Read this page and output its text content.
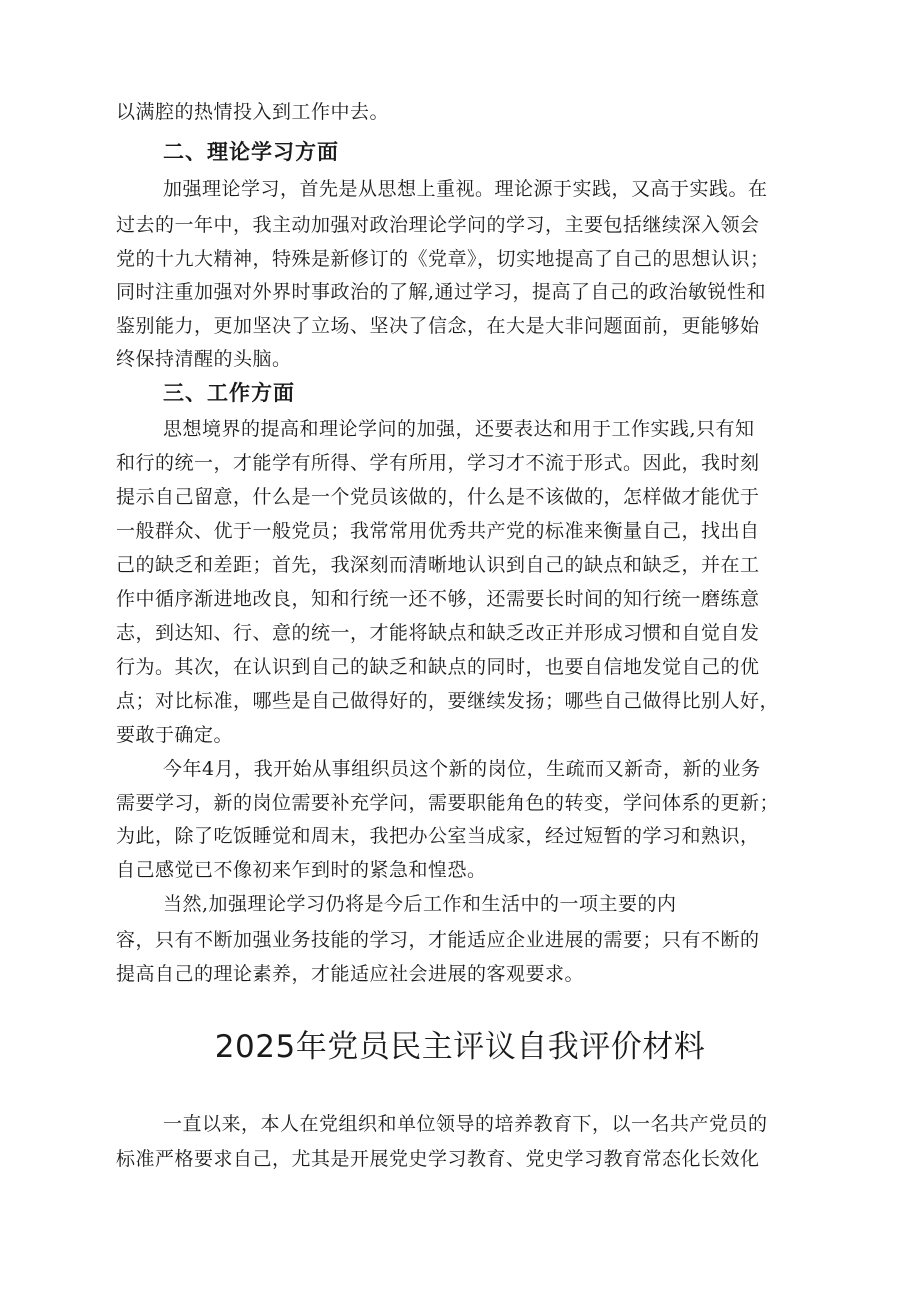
以满腔的热情投入到工作中去。
二、理论学习方面
加强理论学习，首先是从思想上重视。理论源于实践，又高于实践。在
过去的一年中，我主动加强对政治理论学问的学习，主要包括继续深入领会
党的十九大精神，特殊是新修订的《党章》，切实地提高了自己的思想认识；
同时注重加强对外界时事政治的了解,通过学习，提高了自己的政治敏锐性和
鉴别能力，更加坚决了立场、坚决了信念，在大是大非问题面前，更能够始
终保持清醒的头脑。
三、工作方面
思想境界的提高和理论学问的加强，还要表达和用于工作实践,只有知
和行的统一，才能学有所得、学有所用，学习才不流于形式。因此，我时刻
提示自己留意，什么是一个党员该做的，什么是不该做的，怎样做才能优于
一般群众、优于一般党员；我常常用优秀共产党的标准来衡量自己，找出自
己的缺乏和差距；首先，我深刻而清晰地认识到自己的缺点和缺乏，并在工
作中循序渐进地改良，知和行统一还不够，还需要长时间的知行统一磨练意
志，到达知、行、意的统一，才能将缺点和缺乏改正并形成习惯和自觉自发
行为。其次，在认识到自己的缺乏和缺点的同时，也要自信地发觉自己的优
点；对比标准，哪些是自己做得好的，要继续发扬；哪些自己做得比别人好，
要敢于确定。
今年4月，我开始从事组织员这个新的岗位，生疏而又新奇，新的业务
需要学习，新的岗位需要补充学问，需要职能角色的转变，学问体系的更新；
为此，除了吃饭睡觉和周末，我把办公室当成家，经过短暂的学习和熟识，
自己感觉已不像初来乍到时的紧急和惶恐。
当然,加强理论学习仍将是今后工作和生活中的一项主要的内
容，只有不断加强业务技能的学习，才能适应企业进展的需要；只有不断的
提高自己的理论素养，才能适应社会进展的客观要求。
2025年党员民主评议自我评价材料
一直以来，本人在党组织和单位领导的培养教育下，以一名共产党员的
标准严格要求自己，尤其是开展党史学习教育、党史学习教育常态化长效化
